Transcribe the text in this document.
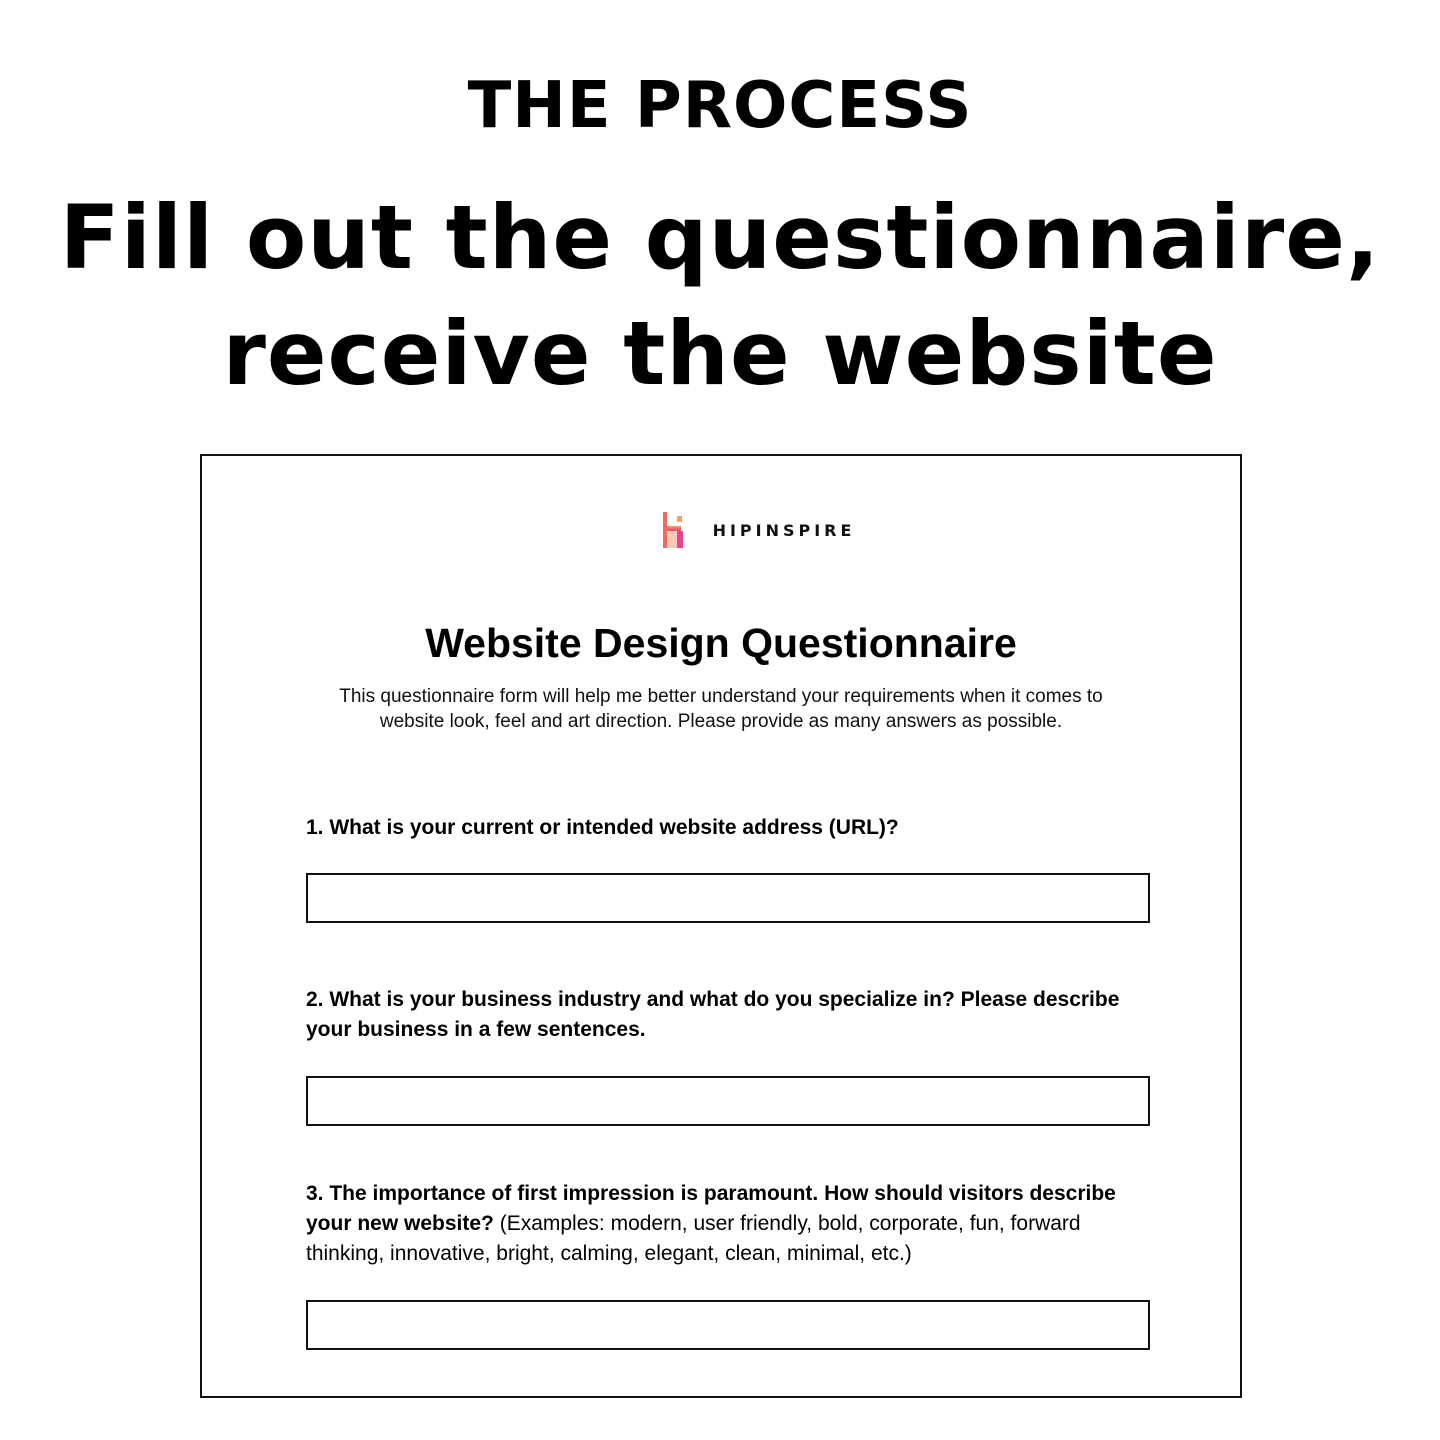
THE PROCESS
Fill out the questionnaire,
receive the website
HIPINSPIRE
Website Design Questionnaire
This questionnaire form will help me better understand your requirements when it comes to
website look, feel and art direction. Please provide as many answers as possible.
1. What is your current or intended website address (URL)?
2. What is your business industry and what do you specialize in? Please describe your business in a few sentences.
3. The importance of first impression is paramount. How should visitors describe your new website? (Examples: modern, user friendly, bold, corporate, fun, forward thinking, innovative, bright, calming, elegant, clean, minimal, etc.)
